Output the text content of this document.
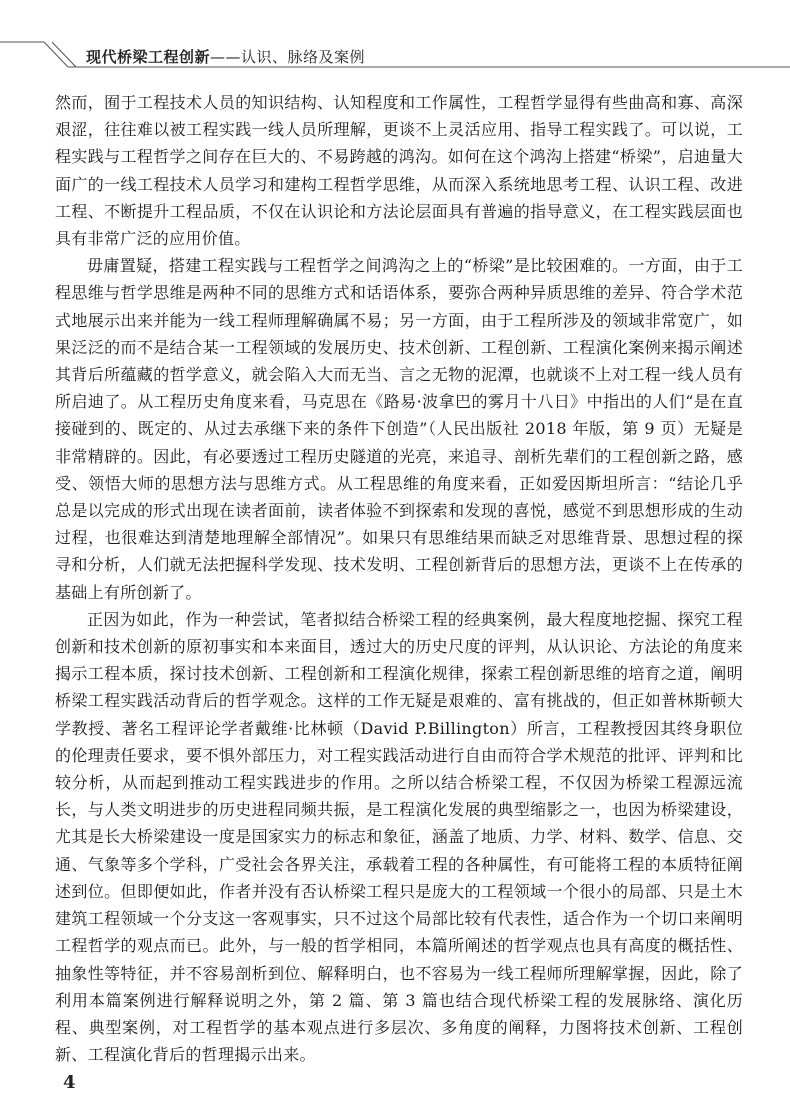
现代桥梁工程创新——认识、脉络及案例

然而，囿于工程技术人员的知识结构、认知程度和工作属性，工程哲学显得有些曲高和寡、高深艰涩，往往难以被工程实践一线人员所理解，更谈不上灵活应用、指导工程实践了。可以说，工程实践与工程哲学之间存在巨大的、不易跨越的鸿沟。如何在这个鸿沟上搭建“桥梁”，启迪量大面广的一线工程技术人员学习和建构工程哲学思维，从而深入系统地思考工程、认识工程、改进工程、不断提升工程品质，不仅在认识论和方法论层面具有普遍的指导意义，在工程实践层面也具有非常广泛的应用价值。

毋庸置疑，搭建工程实践与工程哲学之间鸿沟之上的“桥梁”是比较困难的。一方面，由于工程思维与哲学思维是两种不同的思维方式和话语体系，要弥合两种异质思维的差异、符合学术范式地展示出来并能为一线工程师理解确属不易；另一方面，由于工程所涉及的领域非常宽广，如果泛泛的而不是结合某一工程领域的发展历史、技术创新、工程创新、工程演化案例来揭示阐述其背后所蕴藏的哲学意义，就会陷入大而无当、言之无物的泥潭，也就谈不上对工程一线人员有所启迪了。从工程历史角度来看，马克思在《路易·波拿巴的雾月十八日》中指出的人们“是在直接碰到的、既定的、从过去承继下来的条件下创造”（人民出版社 2018 年版，第 9 页）无疑是非常精辟的。因此，有必要透过工程历史隧道的光亮，来追寻、剖析先辈们的工程创新之路，感受、领悟大师的思想方法与思维方式。从工程思维的角度来看，正如爱因斯坦所言：“结论几乎总是以完成的形式出现在读者面前，读者体验不到探索和发现的喜悦，感觉不到思想形成的生动过程，也很难达到清楚地理解全部情况”。如果只有思维结果而缺乏对思维背景、思想过程的探寻和分析，人们就无法把握科学发现、技术发明、工程创新背后的思想方法，更谈不上在传承的基础上有所创新了。

正因为如此，作为一种尝试，笔者拟结合桥梁工程的经典案例，最大程度地挖掘、探究工程创新和技术创新的原初事实和本来面目，透过大的历史尺度的评判，从认识论、方法论的角度来揭示工程本质，探讨技术创新、工程创新和工程演化规律，探索工程创新思维的培育之道，阐明桥梁工程实践活动背后的哲学观念。这样的工作无疑是艰难的、富有挑战的，但正如普林斯顿大学教授、著名工程评论学者戴维·比林顿（David P.Billington）所言，工程教授因其终身职位的伦理责任要求，要不惧外部压力，对工程实践活动进行自由而符合学术规范的批评、评判和比较分析，从而起到推动工程实践进步的作用。之所以结合桥梁工程，不仅因为桥梁工程源远流长，与人类文明进步的历史进程同频共振，是工程演化发展的典型缩影之一，也因为桥梁建设，尤其是长大桥梁建设一度是国家实力的标志和象征，涵盖了地质、力学、材料、数学、信息、交通、气象等多个学科，广受社会各界关注，承载着工程的各种属性，有可能将工程的本质特征阐述到位。但即便如此，作者并没有否认桥梁工程只是庞大的工程领域一个很小的局部、只是土木建筑工程领域一个分支这一客观事实，只不过这个局部比较有代表性，适合作为一个切口来阐明工程哲学的观点而已。此外，与一般的哲学相同，本篇所阐述的哲学观点也具有高度的概括性、抽象性等特征，并不容易剖析到位、解释明白，也不容易为一线工程师所理解掌握，因此，除了利用本篇案例进行解释说明之外，第 2 篇、第 3 篇也结合现代桥梁工程的发展脉络、演化历程、典型案例，对工程哲学的基本观点进行多层次、多角度的阐释，力图将技术创新、工程创新、工程演化背后的哲理揭示出来。

4
